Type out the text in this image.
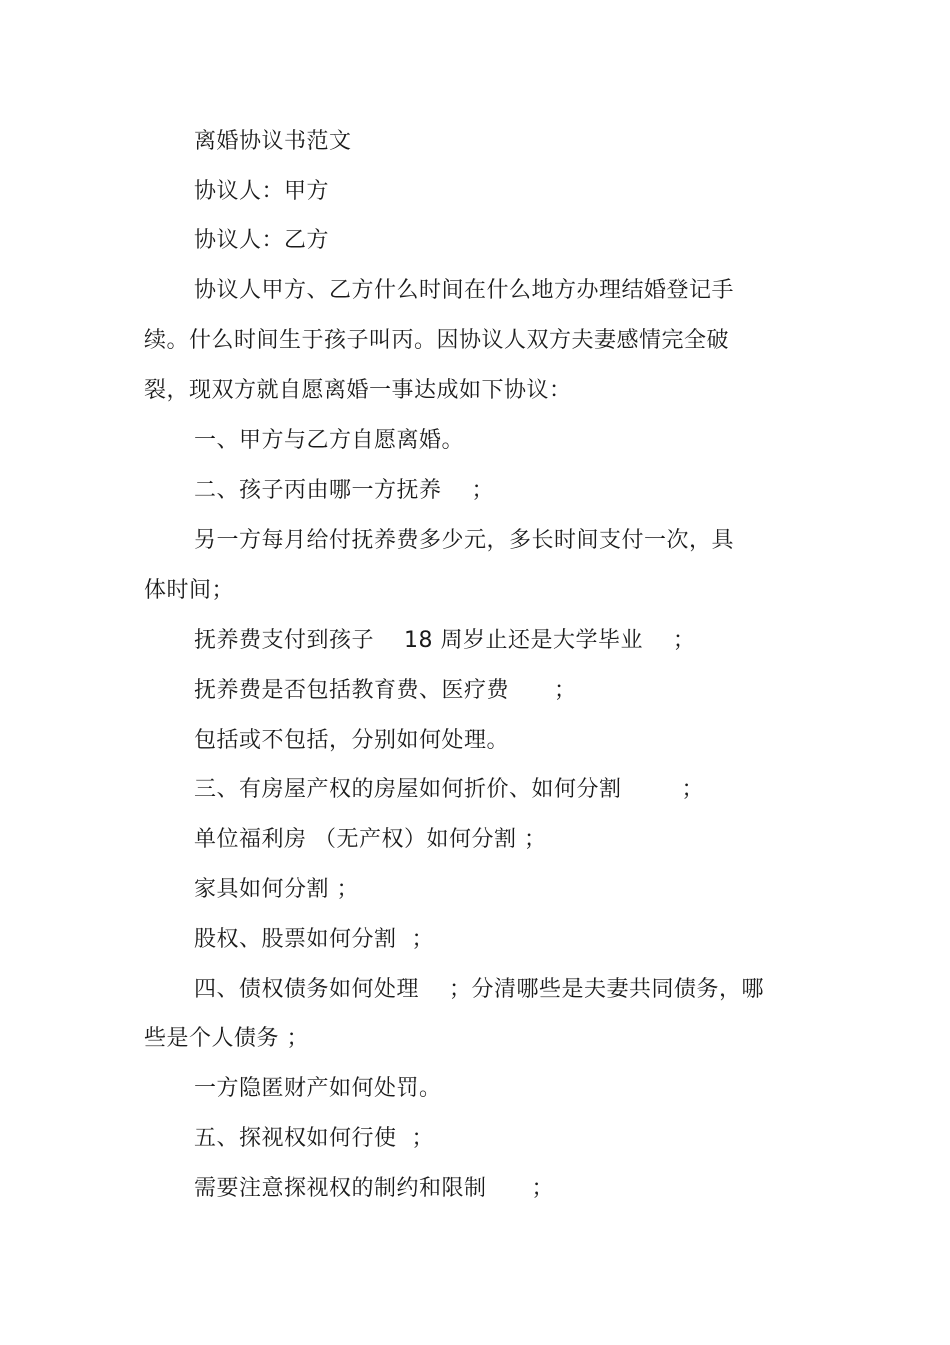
离婚协议书范文
协议人：甲方
协议人：乙方
协议人甲方、乙方什么时间在什么地方办理结婚登记手
续。什么时间生于孩子叫丙。因协议人双方夫妻感情完全破
裂，现双方就自愿离婚一事达成如下协议：
一、甲方与乙方自愿离婚。
二、孩子丙由哪一方抚养    ；
另一方每月给付抚养费多少元，多长时间支付一次，具
体时间；
抚养费支付到孩子    18 周岁止还是大学毕业    ；
抚养费是否包括教育费、医疗费      ；
包括或不包括，分别如何处理。
三、有房屋产权的房屋如何折价、如何分割        ；
单位福利房 （无产权）如何分割 ；
家具如何分割 ；
股权、股票如何分割  ；
四、债权债务如何处理    ；分清哪些是夫妻共同债务，哪
些是个人债务 ；
一方隐匿财产如何处罚。
五、探视权如何行使  ；
需要注意探视权的制约和限制      ；
